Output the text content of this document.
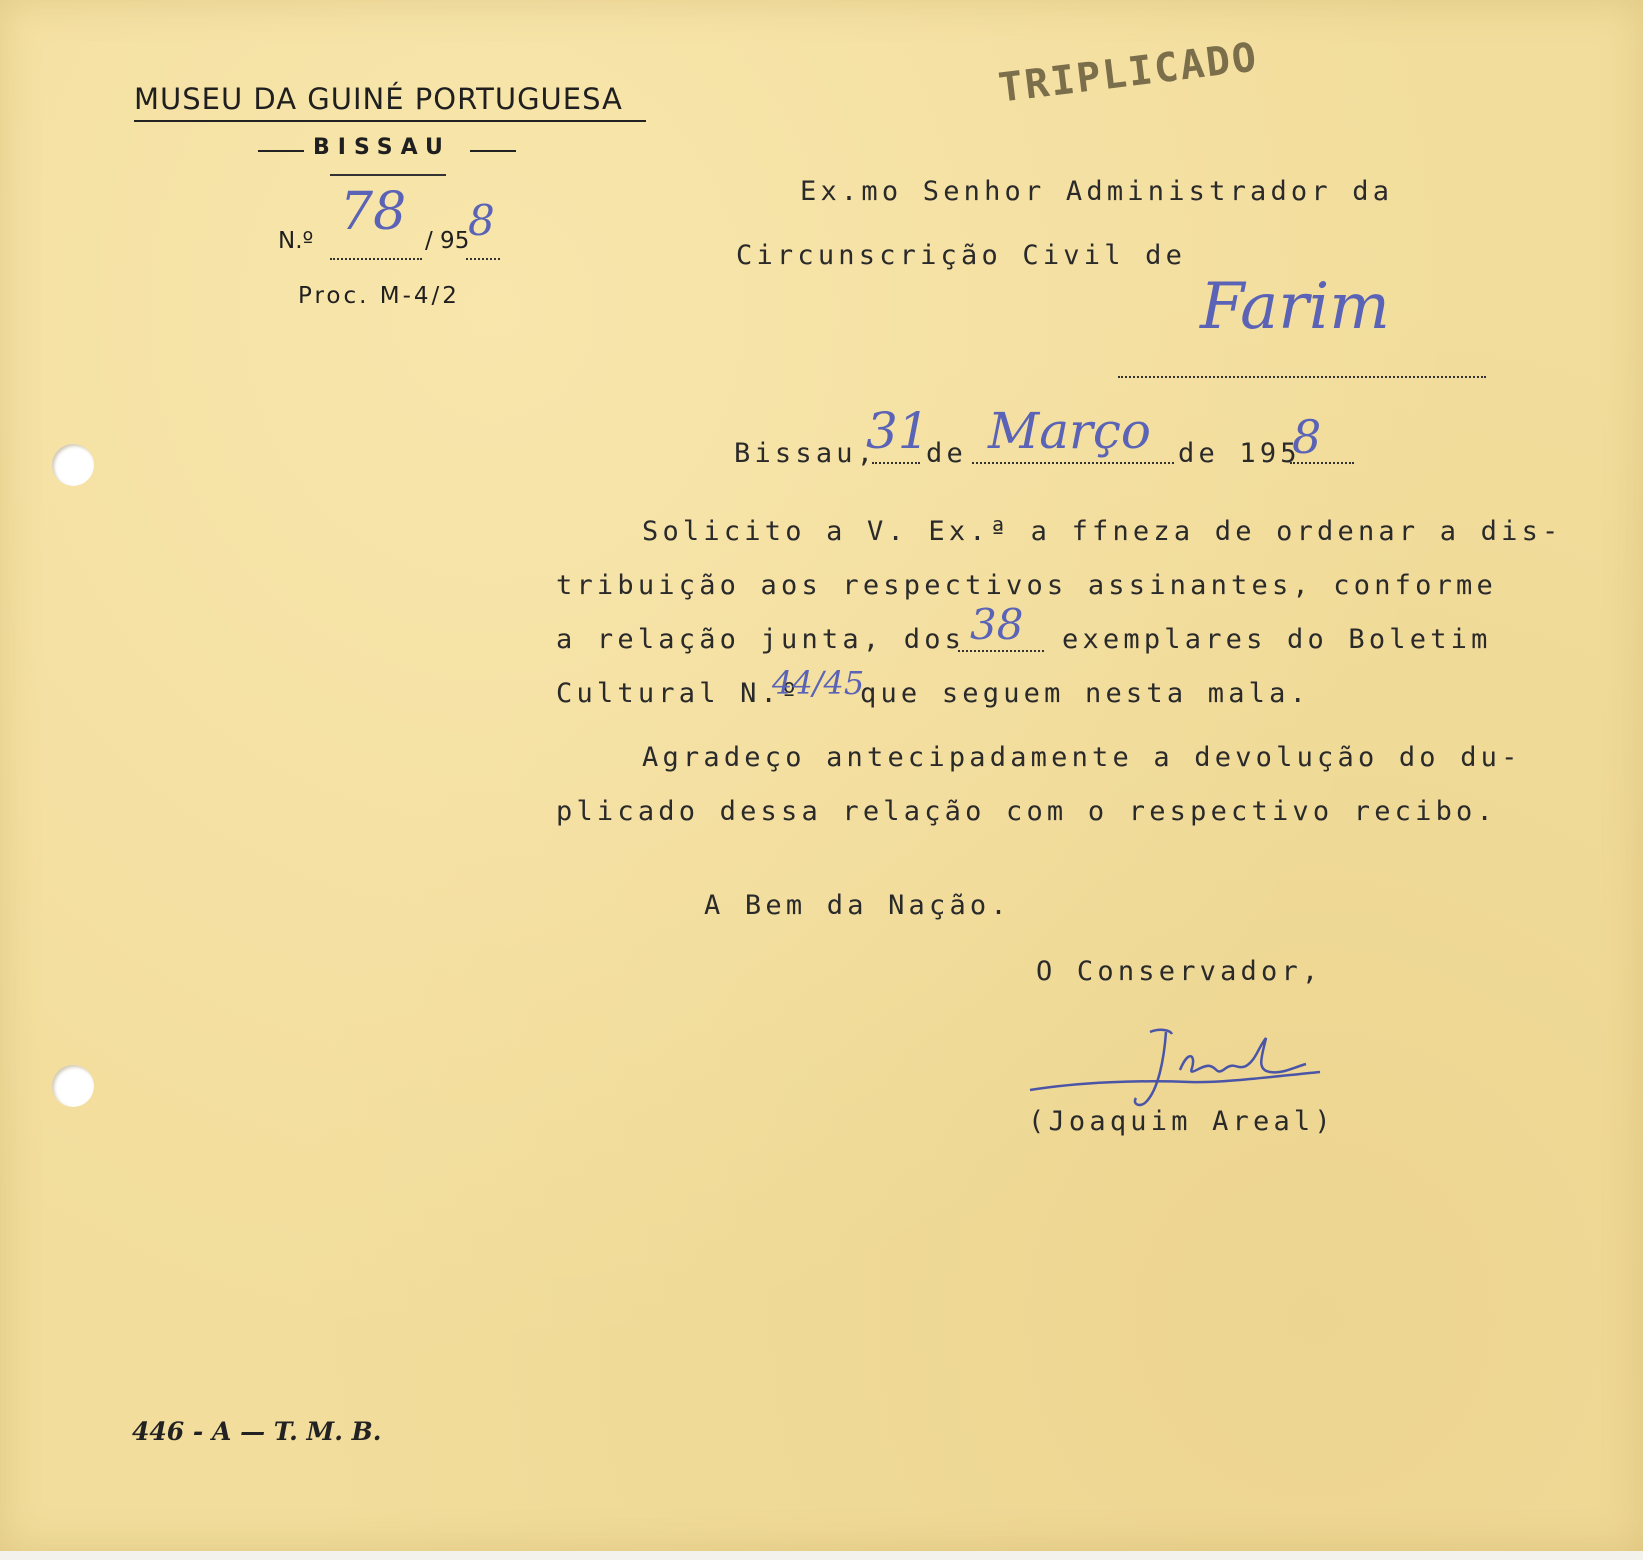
MUSEU DA GUINÉ PORTUGUESA
BISSAU
N.º 78 / 95
8
Proc. M-4/2
TRIPLICADO
Ex.mo Senhor Administrador da
Circunscrição Civil de
Farim
Bissau,
31
de Março de 195
8
Solicito a V. Ex.ª a ffneza de ordenar a dis-
tribuição aos respectivos assinantes, conforme
a relação junta, dos 38 exemplares do Boletim
Cultural N.º
44/45
que seguem nesta mala.
Agradeço antecipadamente a devolução do du-
plicado dessa relação com o respectivo recibo.
A Bem da Nação.
O Conservador,
(Joaquim Areal)
446 - A — T. M. B.
